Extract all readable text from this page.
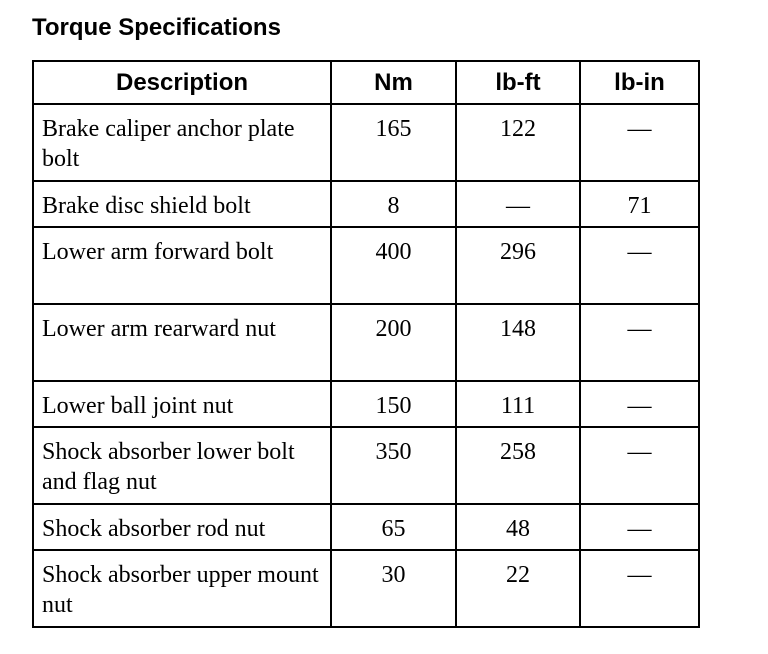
Torque Specifications
Description	Nm	lb-ft	lb-in
Brake caliper anchor plate bolt	165	122	—
Brake disc shield bolt	8	—	71
Lower arm forward bolt	400	296	—
Lower arm rearward nut	200	148	—
Lower ball joint nut	150	111	—
Shock absorber lower bolt and flag nut	350	258	—
Shock absorber rod nut	65	48	—
Shock absorber upper mount nut	30	22	—
